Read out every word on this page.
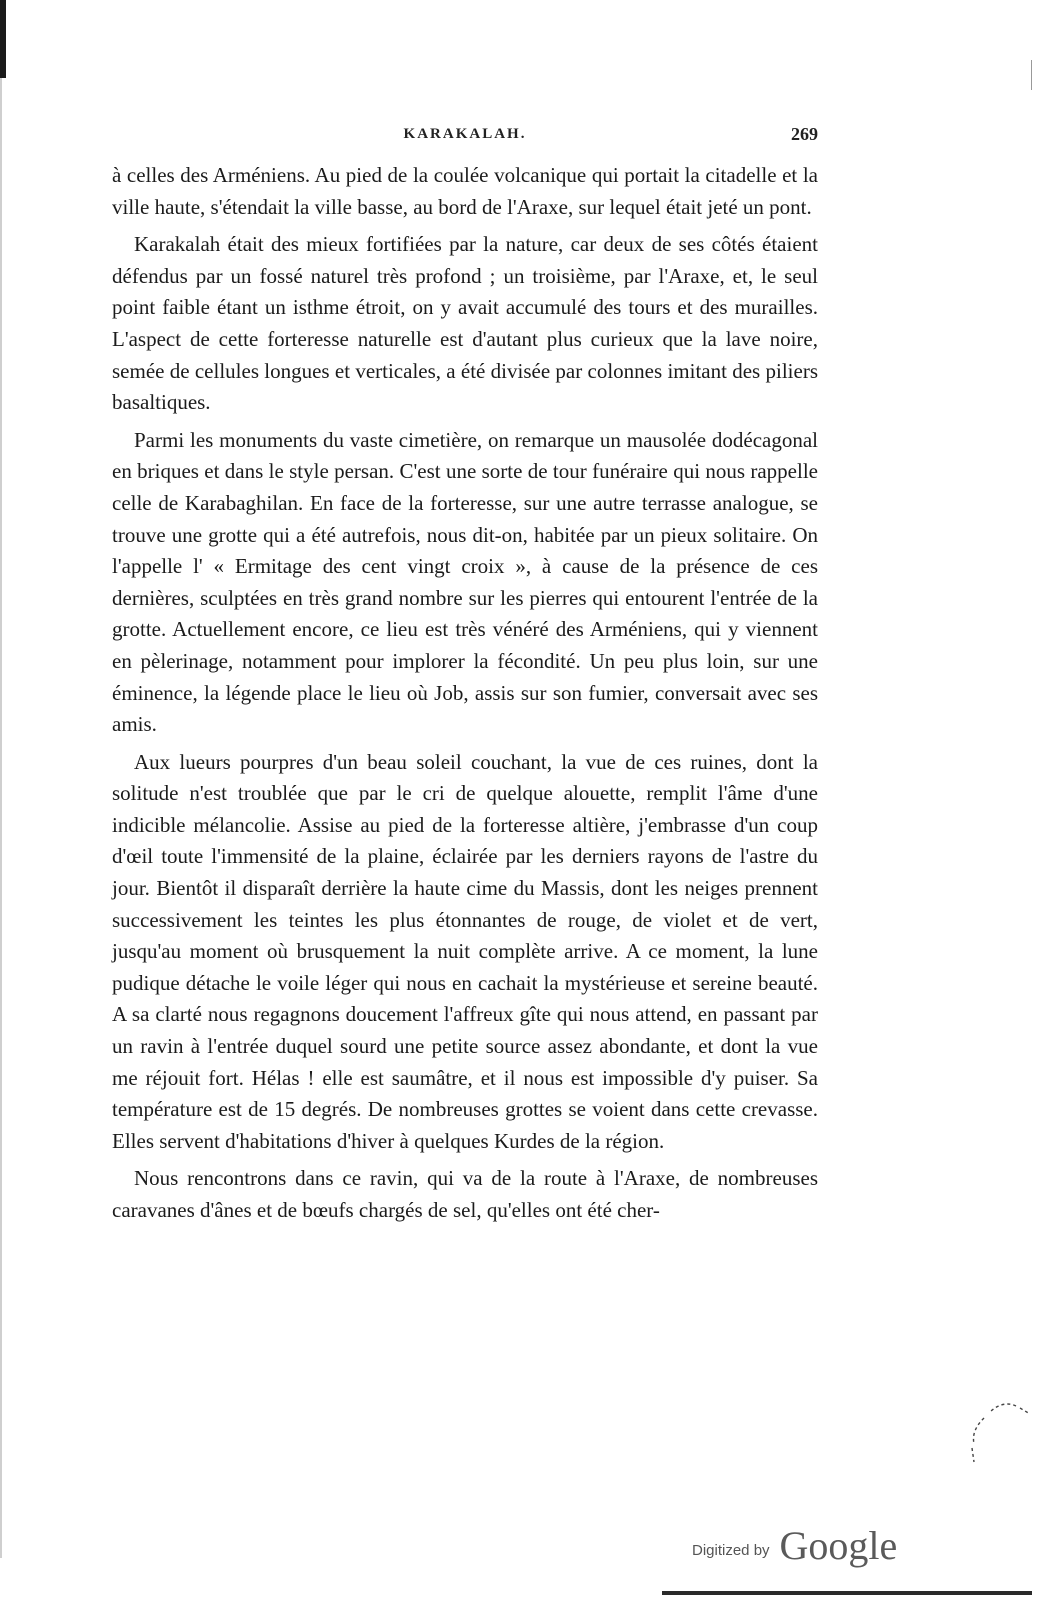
KARAKALAH.	269

à celles des Arméniens. Au pied de la coulée volcanique qui portait la citadelle et la ville haute, s'étendait la ville basse, au bord de l'Araxe, sur lequel était jeté un pont.

Karakalah était des mieux fortifiées par la nature, car deux de ses côtés étaient défendus par un fossé naturel très profond ; un troisième, par l'Araxe, et, le seul point faible étant un isthme étroit, on y avait accumulé des tours et des murailles. L'aspect de cette forteresse naturelle est d'autant plus curieux que la lave noire, semée de cellules longues et verticales, a été divisée par colonnes imitant des piliers basaltiques.

Parmi les monuments du vaste cimetière, on remarque un mausolée dodécagonal en briques et dans le style persan. C'est une sorte de tour funéraire qui nous rappelle celle de Karabaghilan. En face de la forteresse, sur une autre terrasse analogue, se trouve une grotte qui a été autrefois, nous dit-on, habitée par un pieux solitaire. On l'appelle l' « Ermitage des cent vingt croix », à cause de la présence de ces dernières, sculptées en très grand nombre sur les pierres qui entourent l'entrée de la grotte. Actuellement encore, ce lieu est très vénéré des Arméniens, qui y viennent en pèlerinage, notamment pour implorer la fécondité. Un peu plus loin, sur une éminence, la légende place le lieu où Job, assis sur son fumier, conversait avec ses amis.

Aux lueurs pourpres d'un beau soleil couchant, la vue de ces ruines, dont la solitude n'est troublée que par le cri de quelque alouette, remplit l'âme d'une indicible mélancolie. Assise au pied de la forteresse altière, j'embrasse d'un coup d'œil toute l'immensité de la plaine, éclairée par les derniers rayons de l'astre du jour. Bientôt il disparaît derrière la haute cime du Massis, dont les neiges prennent successivement les teintes les plus étonnantes de rouge, de violet et de vert, jusqu'au moment où brusquement la nuit complète arrive. A ce moment, la lune pudique détache le voile léger qui nous en cachait la mystérieuse et sereine beauté. A sa clarté nous regagnons doucement l'affreux gîte qui nous attend, en passant par un ravin à l'entrée duquel sourd une petite source assez abondante, et dont la vue me réjouit fort. Hélas ! elle est saumâtre, et il nous est impossible d'y puiser. Sa température est de 15 degrés. De nombreuses grottes se voient dans cette crevasse. Elles servent d'habitations d'hiver à quelques Kurdes de la région.

Nous rencontrons dans ce ravin, qui va de la route à l'Araxe, de nombreuses caravanes d'ânes et de bœufs chargés de sel, qu'elles ont été cher-

Digitized by Google
